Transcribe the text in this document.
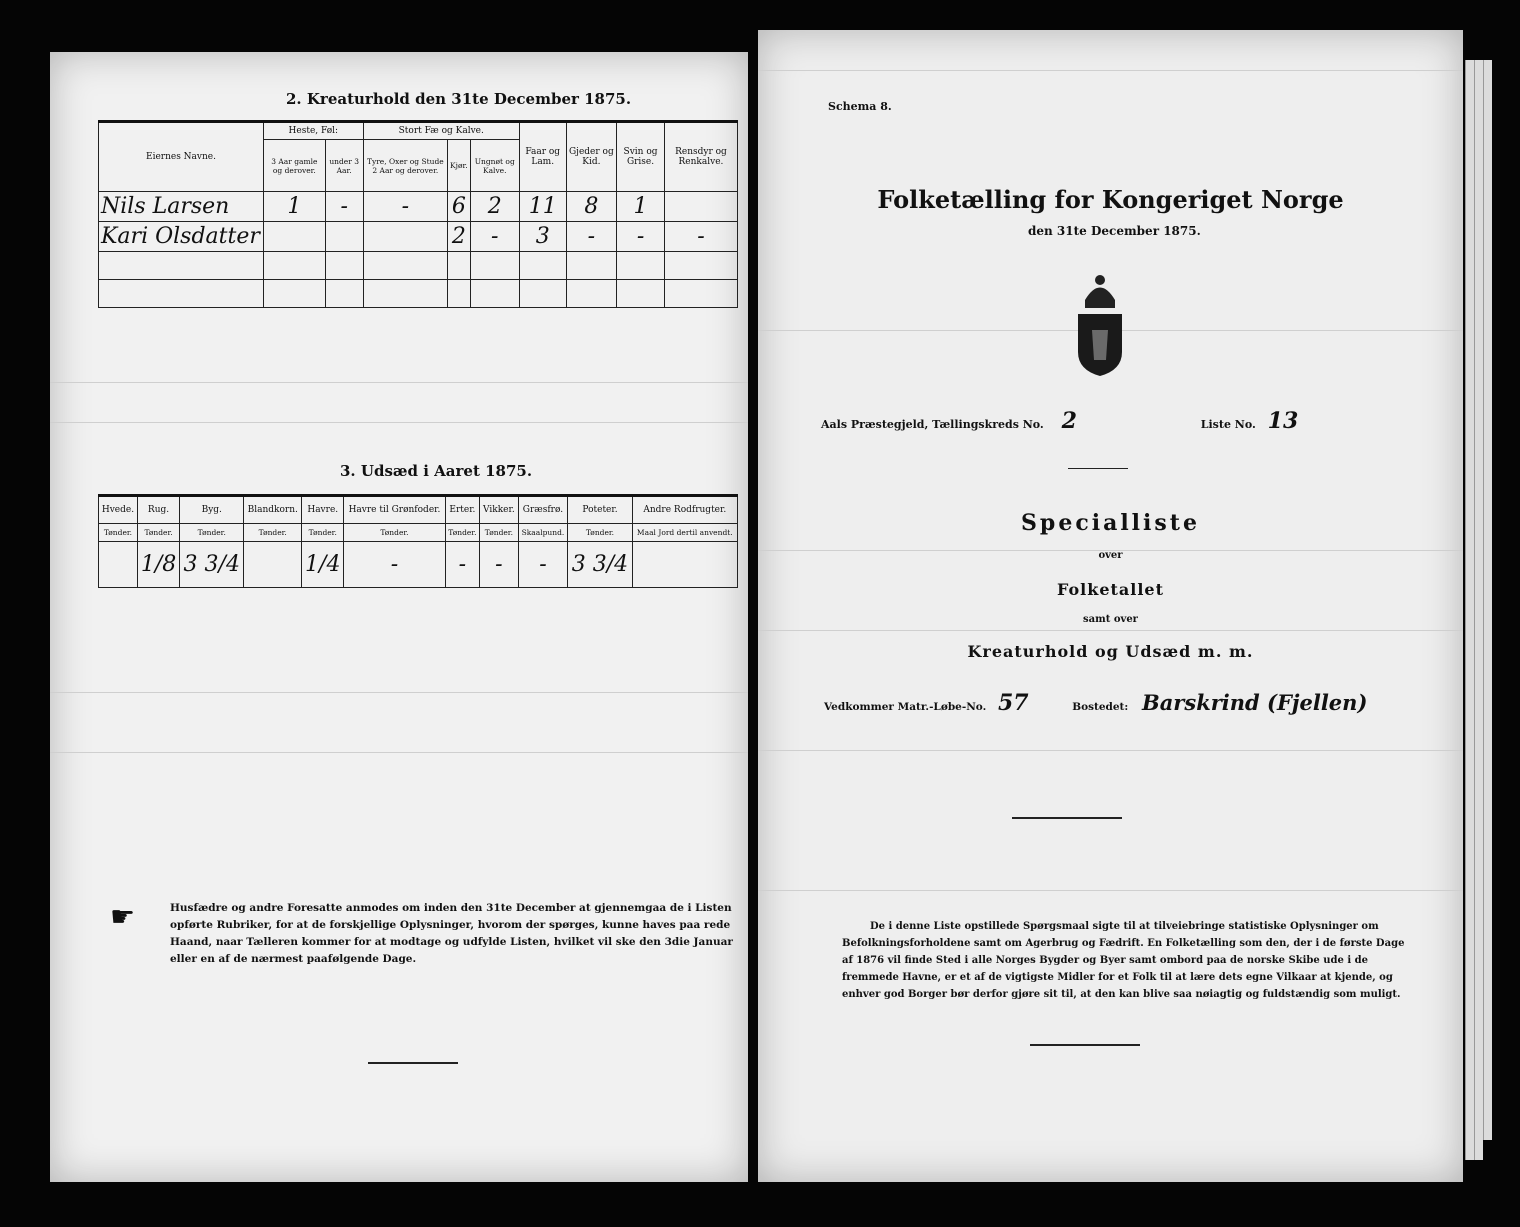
2. Kreaturhold den 31te December 1875.
Eiernes Navne.	Heste, Føl:		Stort Fæ og Kalve.			Faar og Lam.	Gjeder og Kid.	Svin og Grise.	Rensdyr og Renkalve.
	3 Aar gamle og derover.	under 3 Aar.	Tyre, Oxer og Stude 2 Aar og derover.	Kjør.	Ungnøt og Kalve.				
Nils Larsen	1	-	-	6	2	11	8	1	
Kari Olsdatter				2	-	3	-	-	-

3. Udsæd i Aaret 1875.
Hvede.	Rug.	Byg.	Blandkorn.	Havre.	Havre til Grønfoder.	Erter.	Vikker.	Græsfrø.	Poteter.	Andre Rodfrugter.
Tønder.	Tønder.	Tønder.	Tønder.	Tønder.	Tønder.	Tønder.	Tønder.	Skaalpund.	Tønder.	Maal Jord dertil anvendt.
	1/8	3 3/4		1/4	-	-	-	-	3 3/4	
☛	Husfædre og andre Foresatte anmodes om inden den 31te December at gjennemgaa de i Listen opførte Rubriker, for at de forskjellige Oplysninger, hvorom der spørges, kunne haves paa rede Haand, naar Tælleren kommer for at modtage og udfylde Listen, hvilket vil ske den 3die Januar eller en af de nærmest paafølgende Dage.
Schema 8.
Folketælling for Kongeriget Norge
den 31te December 1875.
Aals Præstegjeld, Tællingskreds No. 2	Liste No. 13
Specialliste
over
Folketallet
samt over
Kreaturhold og Udsæd m. m.
Vedkommer Matr.-Løbe-No. 57	Bostedet: Barskrind (Fjellen)
De i denne Liste opstillede Spørgsmaal sigte til at tilveiebringe statistiske Oplysninger om Befolkningsforholdene samt om Agerbrug og Fædrift. En Folketælling som den, der i de første Dage af 1876 vil finde Sted i alle Norges Bygder og Byer samt ombord paa de norske Skibe ude i de fremmede Havne, er et af de vigtigste Midler for et Folk til at lære dets egne Vilkaar at kjende, og enhver god Borger bør derfor gjøre sit til, at den kan blive saa nøiagtig og fuldstændig som muligt.
